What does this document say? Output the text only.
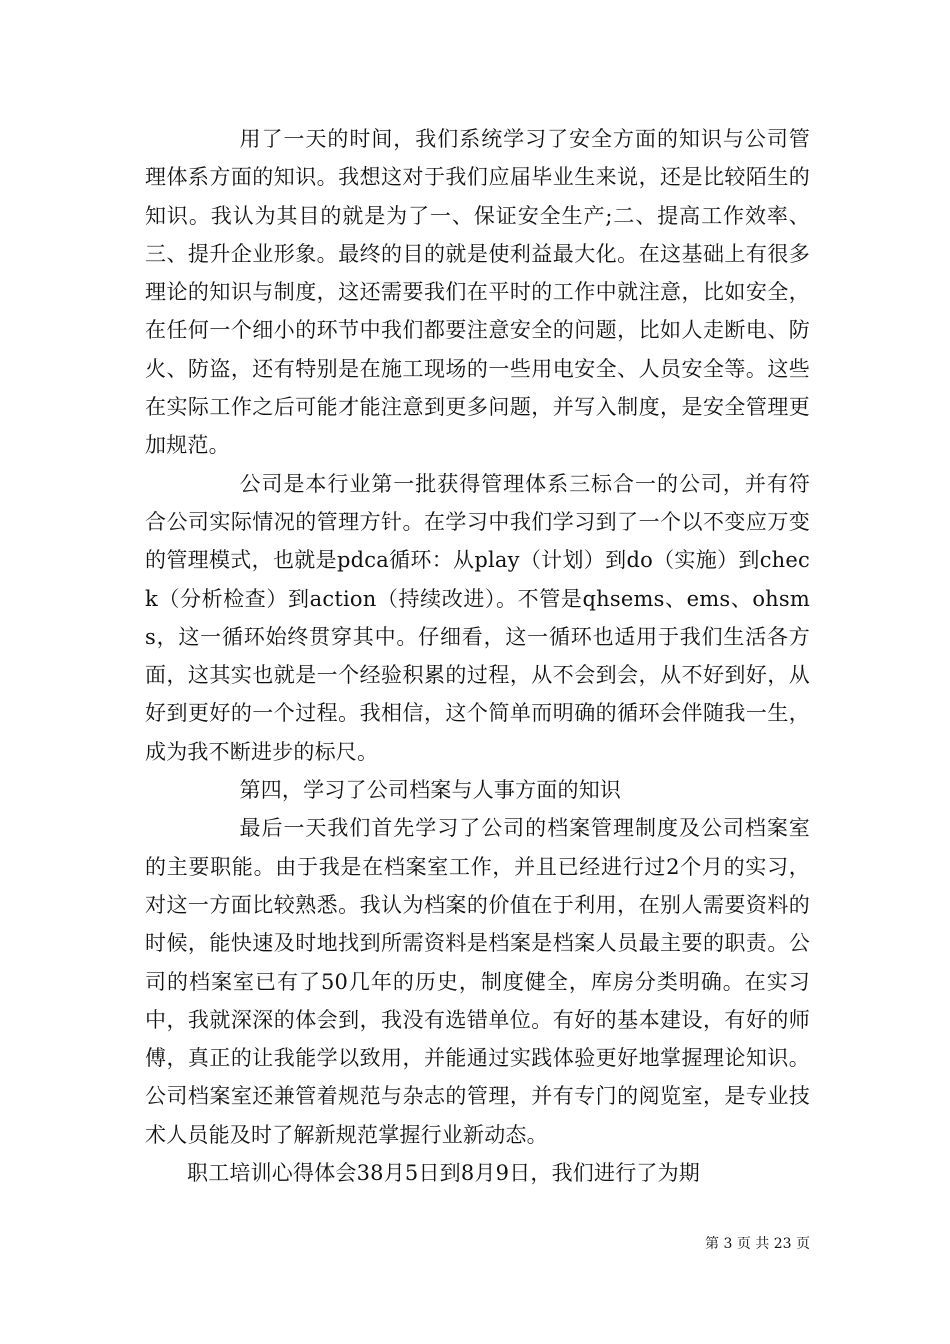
用了一天的时间，我们系统学习了安全方面的知识与公司管理体系方面的知识。我想这对于我们应届毕业生来说，还是比较陌生的知识。我认为其目的就是为了一、保证安全生产;二、提高工作效率、三、提升企业形象。最终的目的就是使利益最大化。在这基础上有很多理论的知识与制度，这还需要我们在平时的工作中就注意，比如安全，在任何一个细小的环节中我们都要注意安全的问题，比如人走断电、防火、防盗，还有特别是在施工现场的一些用电安全、人员安全等。这些在实际工作之后可能才能注意到更多问题，并写入制度，是安全管理更加规范。

公司是本行业第一批获得管理体系三标合一的公司，并有符合公司实际情况的管理方针。在学习中我们学习到了一个以不变应万变的管理模式，也就是pdca循环：从play（计划）到do（实施）到check（分析检查）到action（持续改进）。不管是qhsems、ems、ohsms，这一循环始终贯穿其中。仔细看，这一循环也适用于我们生活各方面，这其实也就是一个经验积累的过程，从不会到会，从不好到好，从好到更好的一个过程。我相信，这个简单而明确的循环会伴随我一生，成为我不断进步的标尺。

第四，学习了公司档案与人事方面的知识

最后一天我们首先学习了公司的档案管理制度及公司档案室的主要职能。由于我是在档案室工作，并且已经进行过2个月的实习，对这一方面比较熟悉。我认为档案的价值在于利用，在别人需要资料的时候，能快速及时地找到所需资料是档案是档案人员最主要的职责。公司的档案室已有了50几年的历史，制度健全，库房分类明确。在实习中，我就深深的体会到，我没有选错单位。有好的基本建设，有好的师傅，真正的让我能学以致用，并能通过实践体验更好地掌握理论知识。公司档案室还兼管着规范与杂志的管理，并有专门的阅览室，是专业技术人员能及时了解新规范掌握行业新动态。

职工培训心得体会38月5日到8月9日，我们进行了为期

第 3 页 共 23 页
